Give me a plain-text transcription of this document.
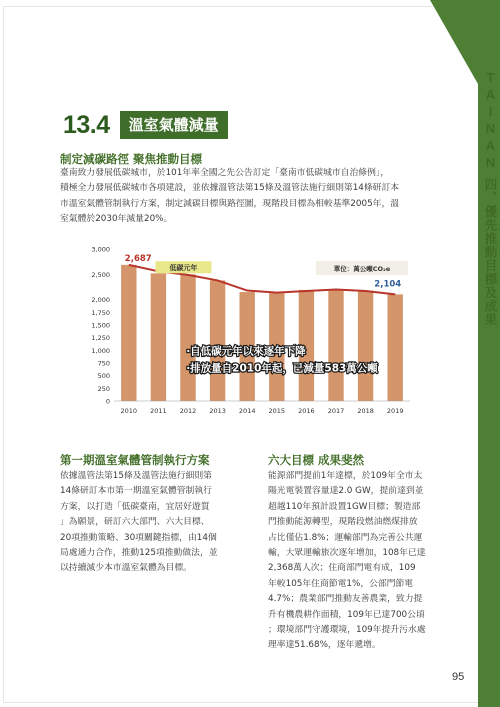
TAINAN四、優先推動目標及成果
13.4	溫室氣體減量
制定減碳路徑 聚焦推動目標
臺南致力發展低碳城市，於101年率全國之先公告訂定「臺南市低碳城市自治條例」，
積極全力發展低碳城市各項建設，並依據溫管法第15條及溫管法施行細則第14條研訂本
市溫室氣體管制執行方案，制定減碳目標與路徑圖，現階段目標為相較基準2005年，溫
室氣體於2030年減量20%。
0
250
500
750
1,000
1,250
1,500
1,750
2,000
2,500
3,000
單位：萬公噸CO₂e
2010 2011 2012 2013 2014 2015 2016 2017 2018 2019
2,687
2,104
低碳元年
‧自低碳元年以來逐年下降
‧排放量自2010年起，已減量583萬公噸
第一期溫室氣體管制執行方案
依據溫管法第15條及溫管法施行細則第
14條研訂本市第一期溫室氣體管制執行
方案，以打造「低碳臺南，宜居好遊質
」為願景，研訂六大部門、六大目標、
20項推動策略、30項關鍵指標，由14個
局處通力合作，推動125項推動做法，並
以持續減少本市溫室氣體為目標。
六大目標 成果斐然
能源部門提前1年達標，於109年全市太
陽光電裝置容量達2.0 GW，提前達到並
超越110年預計設置1GW目標；製造部
門推動能源轉型，現階段燃油燃煤排放
占比僅佔1.8%；運輸部門為完善公共運
輸，大眾運輸旅次逐年增加，108年已達
2,368萬人次；住商部門電有成，109
年較105年住商節電1%，公部門節電
4.7%；農業部門推動友善農業，致力提
升有機農耕作面積，109年已達700公頃
；環境部門守護環境，109年提升污水處
理率達51.68%，逐年遞增。
95
